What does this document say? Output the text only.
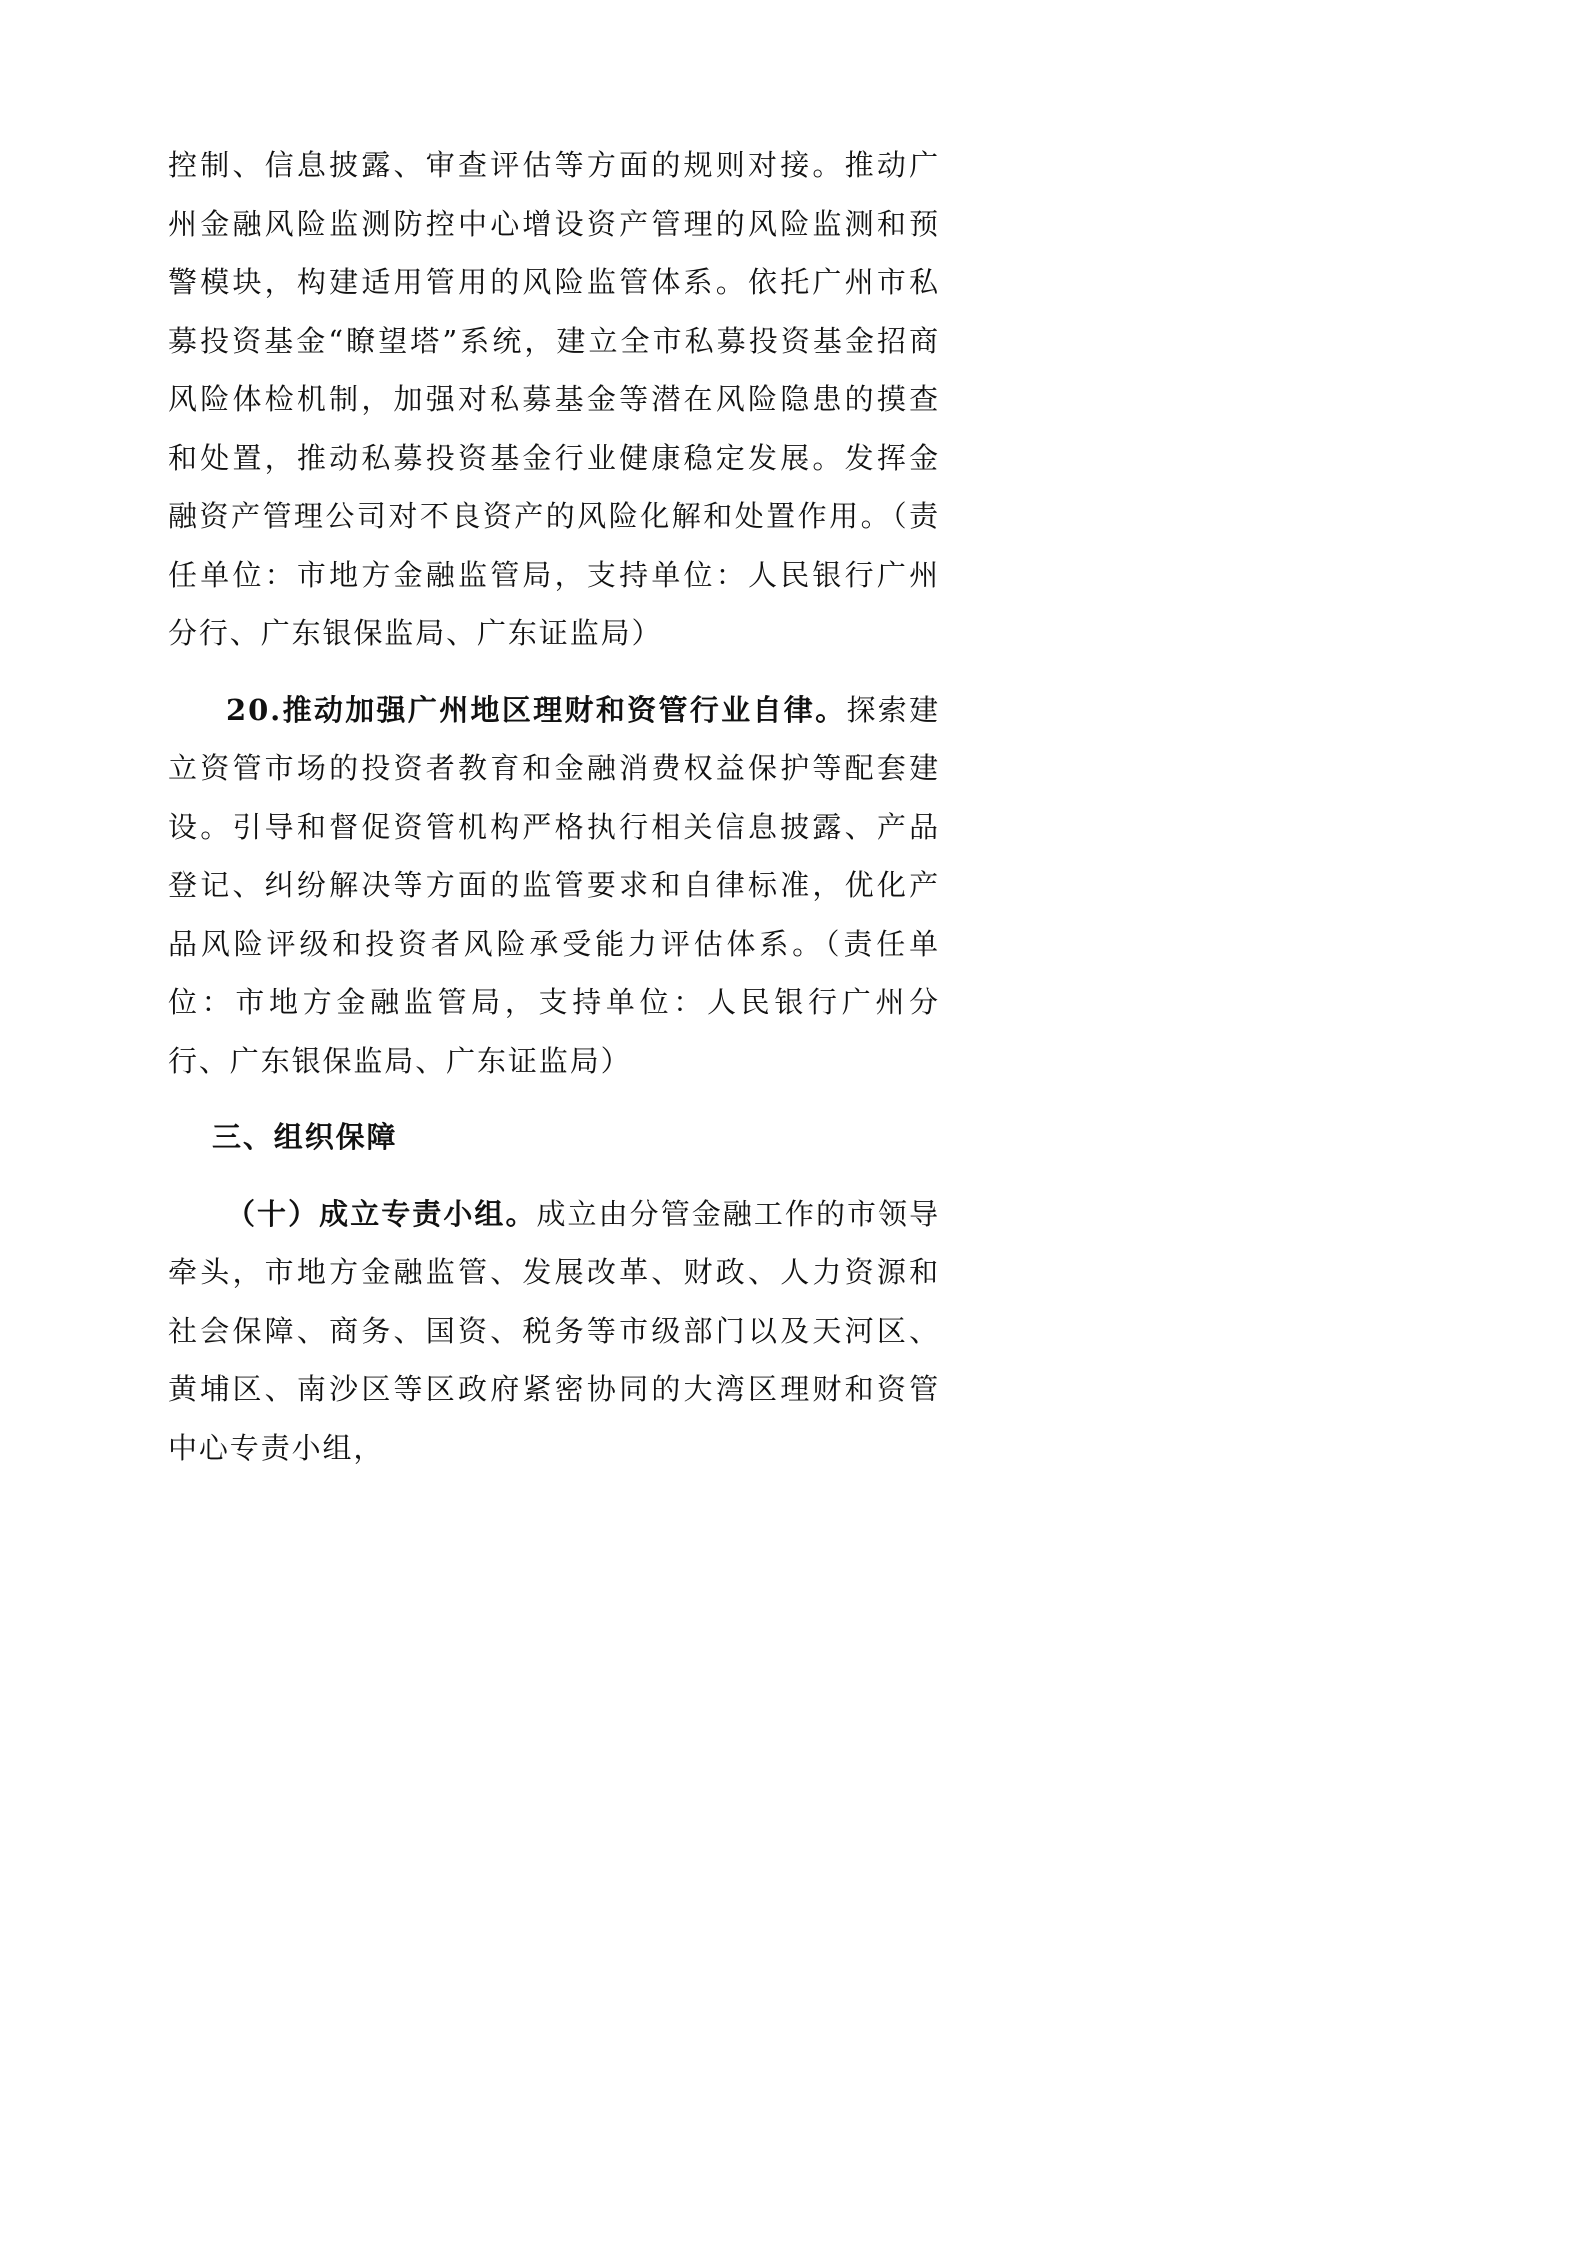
控制、信息披露、审查评估等方面的规则对接。推动广州金融风险监测防控中心增设资产管理的风险监测和预警模块，构建适用管用的风险监管体系。依托广州市私募投资基金“瞭望塔”系统，建立全市私募投资基金招商风险体检机制，加强对私募基金等潜在风险隐患的摸查和处置，推动私募投资基金行业健康稳定发展。发挥金融资产管理公司对不良资产的风险化解和处置作用。（责任单位：市地方金融监管局，支持单位：人民银行广州分行、广东银保监局、广东证监局）

20.推动加强广州地区理财和资管行业自律。探索建立资管市场的投资者教育和金融消费权益保护等配套建设。引导和督促资管机构严格执行相关信息披露、产品登记、纠纷解决等方面的监管要求和自律标准，优化产品风险评级和投资者风险承受能力评估体系。（责任单位：市地方金融监管局，支持单位：人民银行广州分行、广东银保监局、广东证监局）

三、组织保障

（十）成立专责小组。成立由分管金融工作的市领导牵头，市地方金融监管、发展改革、财政、人力资源和社会保障、商务、国资、税务等市级部门以及天河区、黄埔区、南沙区等区政府紧密协同的大湾区理财和资管中心专责小组，
